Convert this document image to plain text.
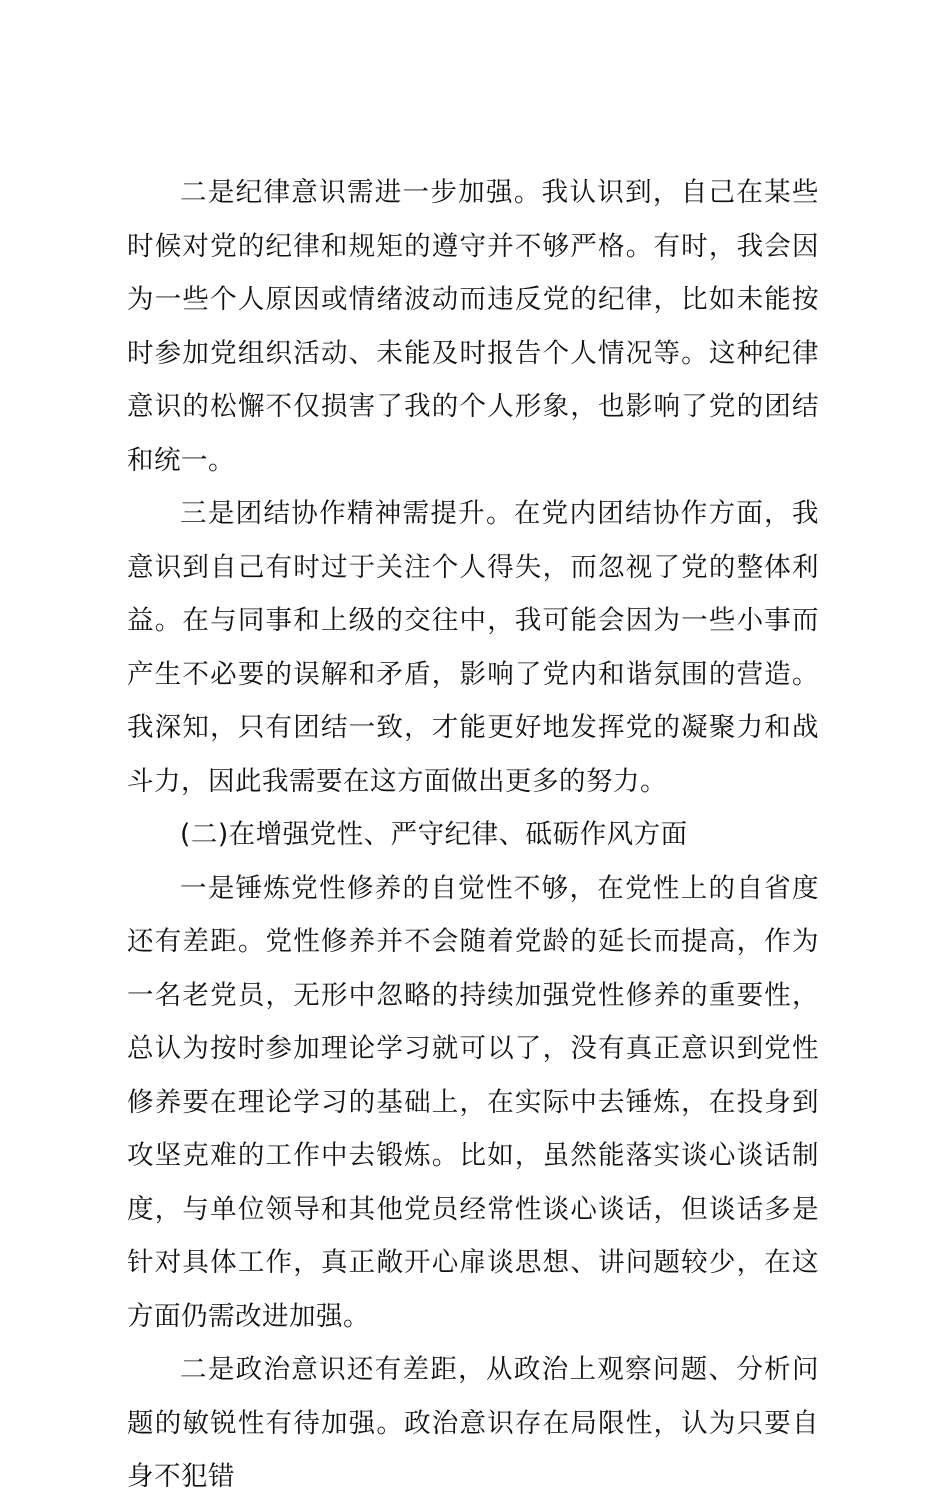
二是纪律意识需进一步加强。我认识到，自己在某些时候对党的纪律和规矩的遵守并不够严格。有时，我会因为一些个人原因或情绪波动而违反党的纪律，比如未能按时参加党组织活动、未能及时报告个人情况等。这种纪律意识的松懈不仅损害了我的个人形象，也影响了党的团结和统一。

三是团结协作精神需提升。在党内团结协作方面，我意识到自己有时过于关注个人得失，而忽视了党的整体利益。在与同事和上级的交往中，我可能会因为一些小事而产生不必要的误解和矛盾，影响了党内和谐氛围的营造。我深知，只有团结一致，才能更好地发挥党的凝聚力和战斗力，因此我需要在这方面做出更多的努力。

(二)在增强党性、严守纪律、砥砺作风方面

一是锤炼党性修养的自觉性不够，在党性上的自省度还有差距。党性修养并不会随着党龄的延长而提高，作为一名老党员，无形中忽略的持续加强党性修养的重要性，总认为按时参加理论学习就可以了，没有真正意识到党性修养要在理论学习的基础上，在实际中去锤炼，在投身到攻坚克难的工作中去锻炼。比如，虽然能落实谈心谈话制度，与单位领导和其他党员经常性谈心谈话，但谈话多是针对具体工作，真正敞开心扉谈思想、讲问题较少，在这方面仍需改进加强。

二是政治意识还有差距，从政治上观察问题、分析问题的敏锐性有待加强。政治意识存在局限性，认为只要自身不犯错
